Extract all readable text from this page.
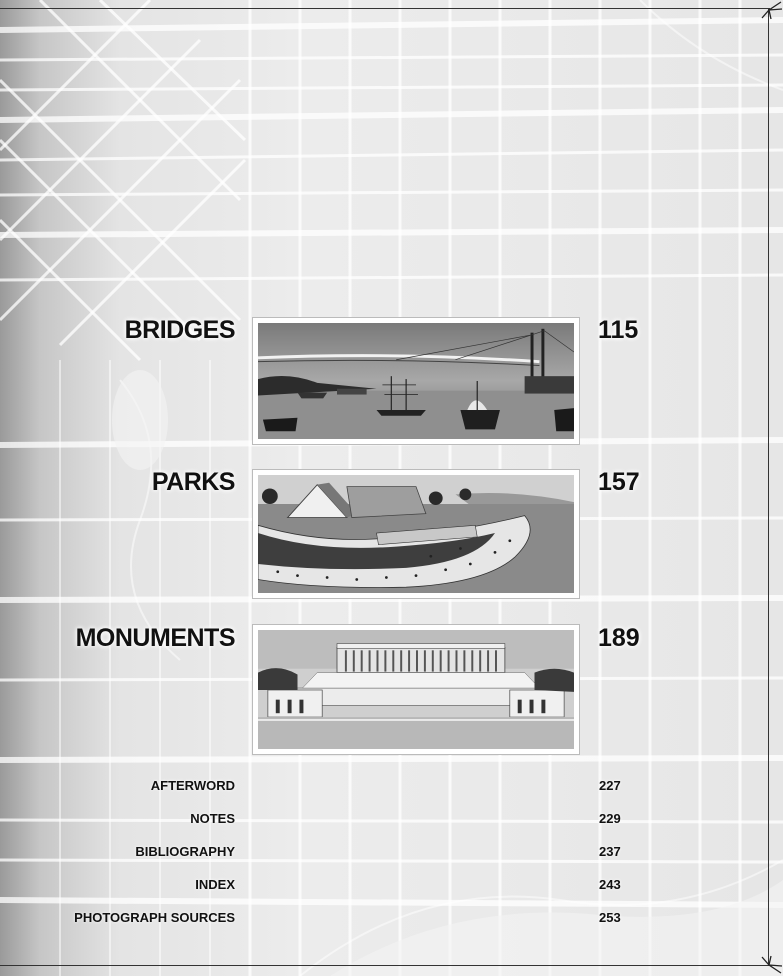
BRIDGES	115
PARKS	157
MONUMENTS	189
AFTERWORD	227
NOTES	229
BIBLIOGRAPHY	237
INDEX	243
PHOTOGRAPH SOURCES	253
